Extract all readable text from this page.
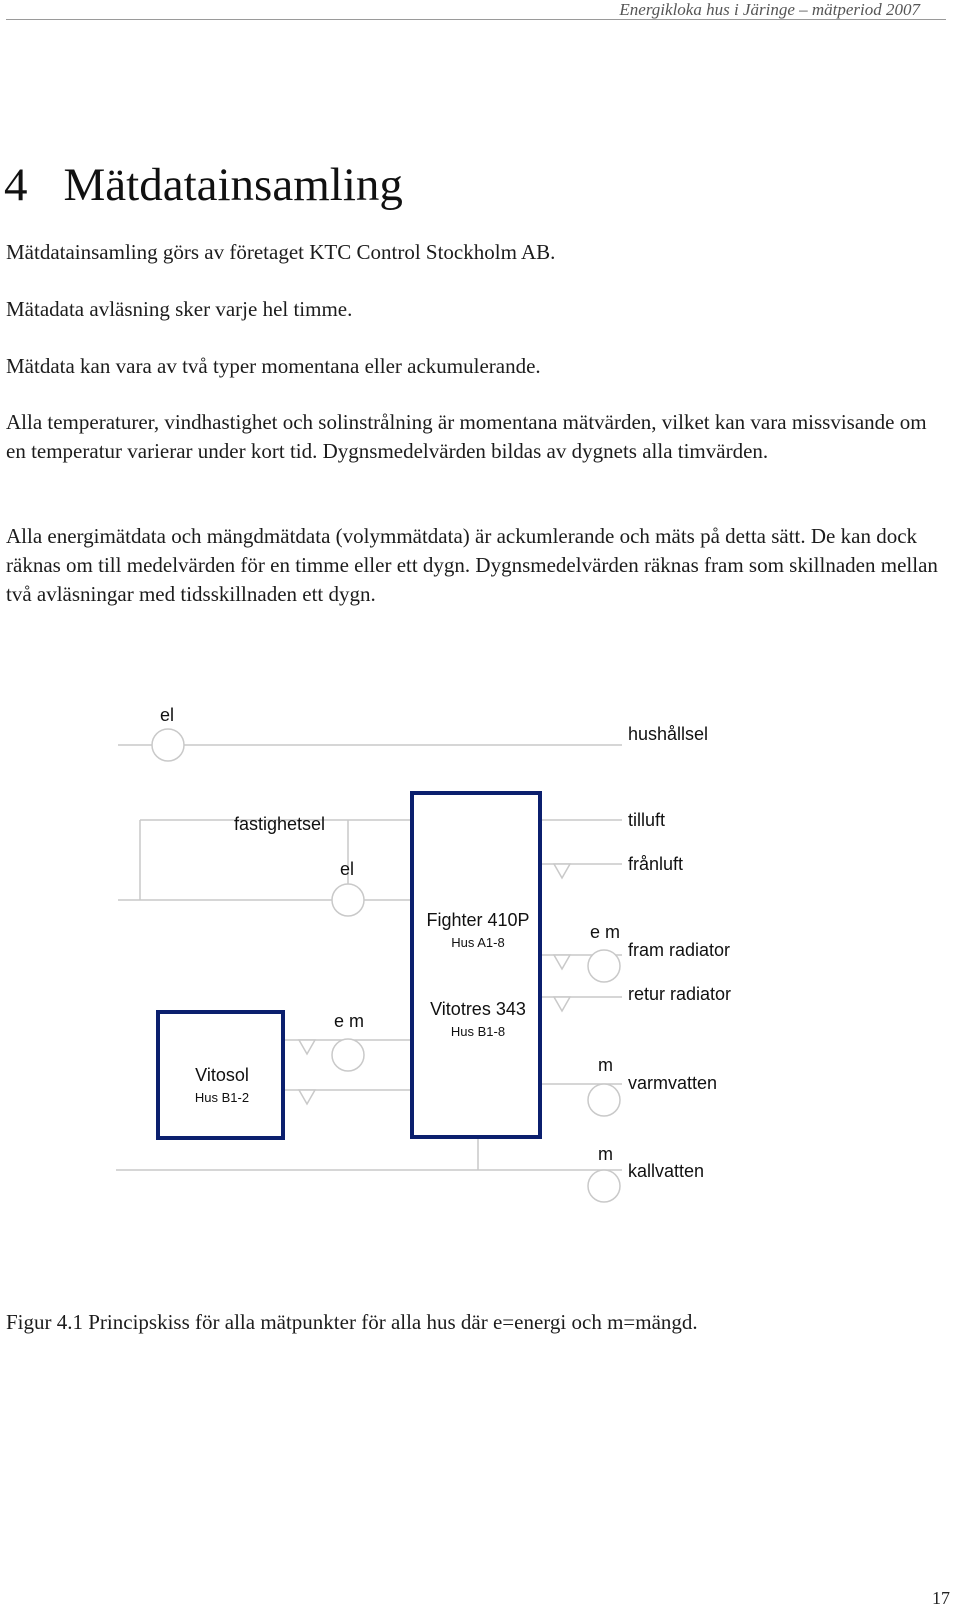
Energikloka hus i Järinge – mätperiod 2007
4 Mätdatainsamling

Mätdatainsamling görs av företaget KTC Control Stockholm AB.

Mätadata avläsning sker varje hel timme.

Mätdata kan vara av två typer momentana eller ackumulerande.

Alla temperaturer, vindhastighet och solinstrålning är momentana mätvärden, vilket kan vara missvisande om en temperatur varierar under kort tid. Dygnsmedelvärden bildas av dygnets alla timvärden.

Alla energimätdata och mängdmätdata (volymmätdata) är ackumlerande och mäts på detta sätt. De kan dock räknas om till medelvärden för en timme eller ett dygn. Dygnsmedelvärden räknas fram som skillnaden mellan två avläsningar med tidsskillnaden ett dygn.

el
hushållsel
fastighetsel
el
tilluft
frånluft
Fighter 410P
Hus A1-8
Vitotres 343
Hus B1-8
Vitosol
Hus B1-2
e m
fram radiator
retur radiator
e m
m
varmvatten
m
kallvatten

Figur 4.1 Principskiss för alla mätpunkter för alla hus där e=energi och m=mängd.

17
